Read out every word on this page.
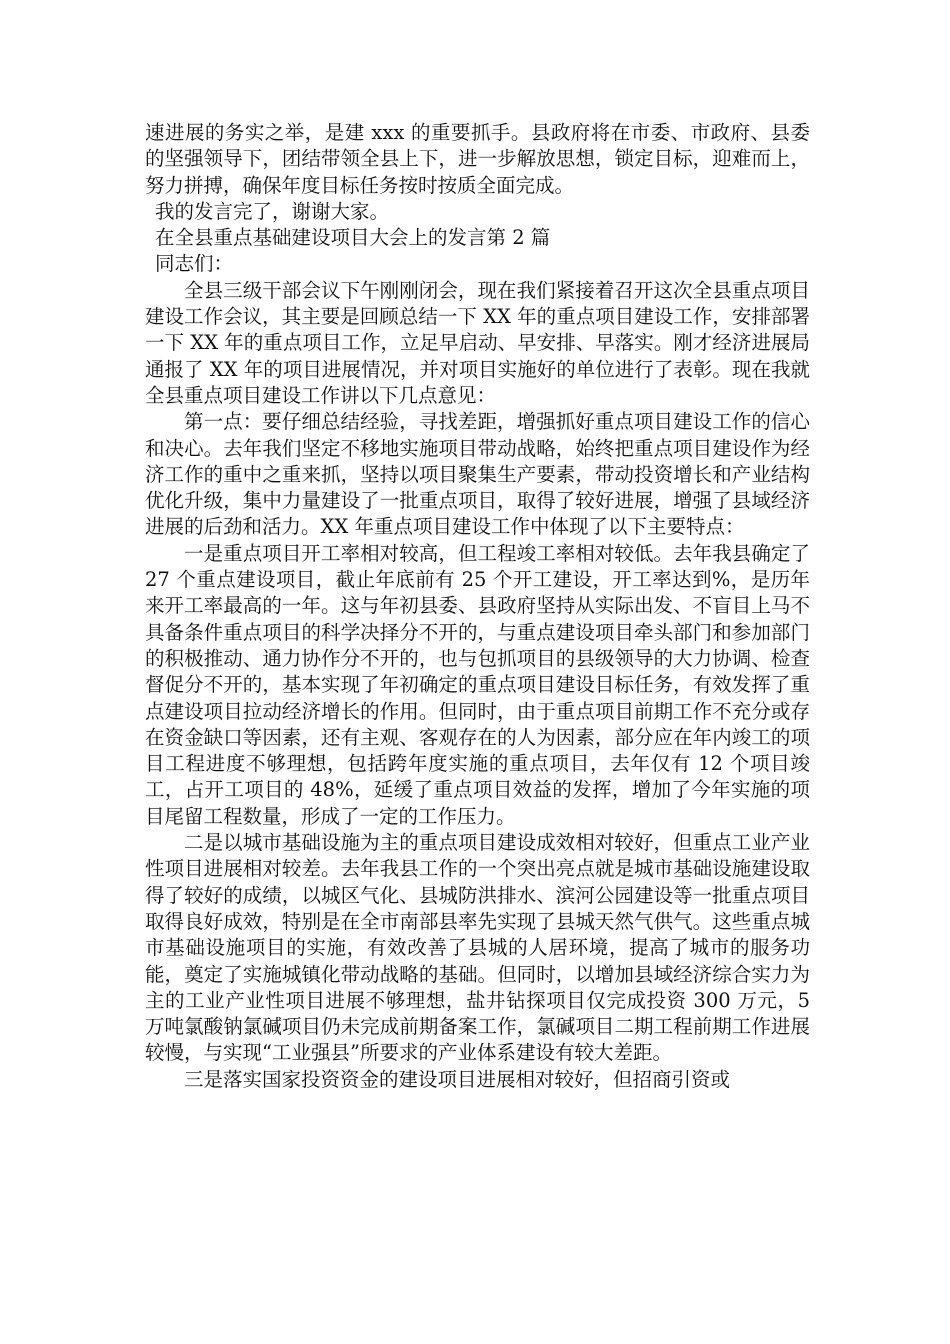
速进展的务实之举，是建 xxx 的重要抓手。县政府将在市委、市政府、县委的坚强领导下，团结带领全县上下，进一步解放思想，锁定目标，迎难而上，努力拼搏，确保年度目标任务按时按质全面完成。

我的发言完了，谢谢大家。

在全县重点基础建设项目大会上的发言第 2 篇

同志们：

全县三级干部会议下午刚刚闭会，现在我们紧接着召开这次全县重点项目建设工作会议，其主要是回顾总结一下 XX 年的重点项目建设工作，安排部署一下 XX 年的重点项目工作，立足早启动、早安排、早落实。刚才经济进展局通报了 XX 年的项目进展情况，并对项目实施好的单位进行了表彰。现在我就全县重点项目建设工作讲以下几点意见：

第一点：要仔细总结经验，寻找差距，增强抓好重点项目建设工作的信心和决心。去年我们坚定不移地实施项目带动战略，始终把重点项目建设作为经济工作的重中之重来抓，坚持以项目聚集生产要素，带动投资增长和产业结构优化升级，集中力量建设了一批重点项目，取得了较好进展，增强了县域经济进展的后劲和活力。XX 年重点项目建设工作中体现了以下主要特点：

一是重点项目开工率相对较高，但工程竣工率相对较低。去年我县确定了 27 个重点建设项目，截止年底前有 25 个开工建设，开工率达到%，是历年来开工率最高的一年。这与年初县委、县政府坚持从实际出发、不盲目上马不具备条件重点项目的科学决择分不开的，与重点建设项目牵头部门和参加部门的积极推动、通力协作分不开的，也与包抓项目的县级领导的大力协调、检查督促分不开的，基本实现了年初确定的重点项目建设目标任务，有效发挥了重点建设项目拉动经济增长的作用。但同时，由于重点项目前期工作不充分或存在资金缺口等因素，还有主观、客观存在的人为因素，部分应在年内竣工的项目工程进度不够理想，包括跨年度实施的重点项目，去年仅有 12 个项目竣工，占开工项目的 48%，延缓了重点项目效益的发挥，增加了今年实施的项目尾留工程数量，形成了一定的工作压力。

二是以城市基础设施为主的重点项目建设成效相对较好，但重点工业产业性项目进展相对较差。去年我县工作的一个突出亮点就是城市基础设施建设取得了较好的成绩，以城区气化、县城防洪排水、滨河公园建设等一批重点项目取得良好成效，特别是在全市南部县率先实现了县城天然气供气。这些重点城市基础设施项目的实施，有效改善了县城的人居环境，提高了城市的服务功能，奠定了实施城镇化带动战略的基础。但同时，以增加县域经济综合实力为主的工业产业性项目进展不够理想，盐井钻探项目仅完成投资 300 万元，5 万吨氯酸钠氯碱项目仍未完成前期备案工作，氯碱项目二期工程前期工作进展较慢，与实现“工业强县”所要求的产业体系建设有较大差距。

三是落实国家投资资金的建设项目进展相对较好，但招商引资或
